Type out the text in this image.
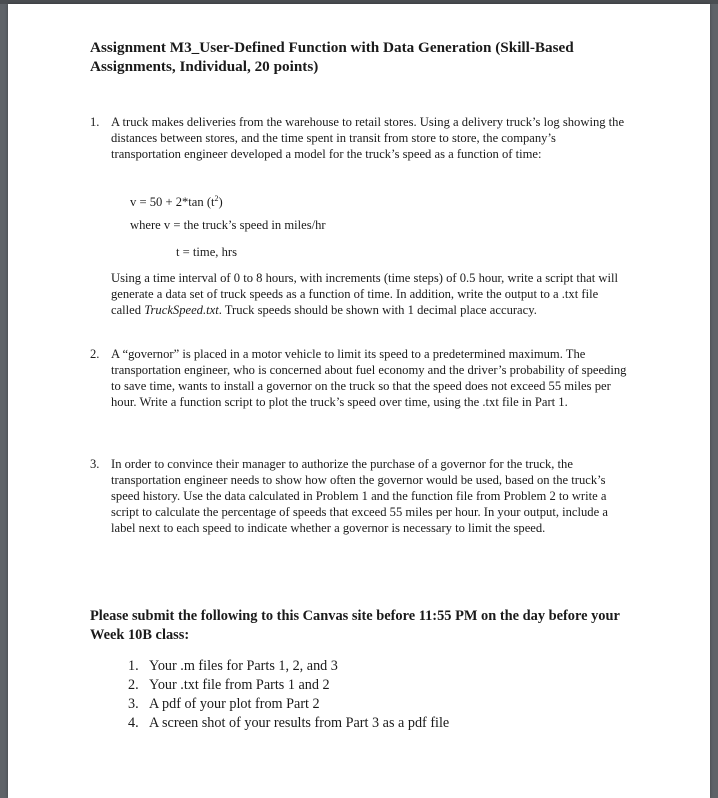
Assignment M3_User-Defined Function with Data Generation (Skill-Based Assignments, Individual, 20 points)
1. A truck makes deliveries from the warehouse to retail stores. Using a delivery truck’s log showing the distances between stores, and the time spent in transit from store to store, the company’s transportation engineer developed a model for the truck’s speed as a function of time:
v = 50 + 2*tan $(t^2)$
where v = the truck’s speed in miles/hr
t = time, hrs

Using a time interval of 0 to 8 hours, with increments (time steps) of 0.5 hour, write a script that will generate a data set of truck speeds as a function of time. In addition, write the output to a .txt file called TruckSpeed.txt. Truck speeds should be shown with 1 decimal place accuracy.

2. A “governor” is placed in a motor vehicle to limit its speed to a predetermined maximum. The transportation engineer, who is concerned about fuel economy and the driver’s probability of speeding to save time, wants to install a governor on the truck so that the speed does not exceed 55 miles per hour. Write a function script to plot the truck’s speed over time, using the .txt file in Part 1.
3. In order to convince their manager to authorize the purchase of a governor for the truck, the transportation engineer needs to show how often the governor would be used, based on the truck’s speed history. Use the data calculated in Problem 1 and the function file from Problem 2 to write a script to calculate the percentage of speeds that exceed 55 miles per hour. In your output, include a label next to each speed to indicate whether a governor is necessary to limit the speed.
Please submit the following to this Canvas site before 11:55 PM on the day before your Week 10B class:
1. Your .m files for Parts 1, 2, and 3
2. Your .txt file from Parts 1 and 2
3. A pdf of your plot from Part 2
4. A screen shot of your results from Part 3 as a pdf file
